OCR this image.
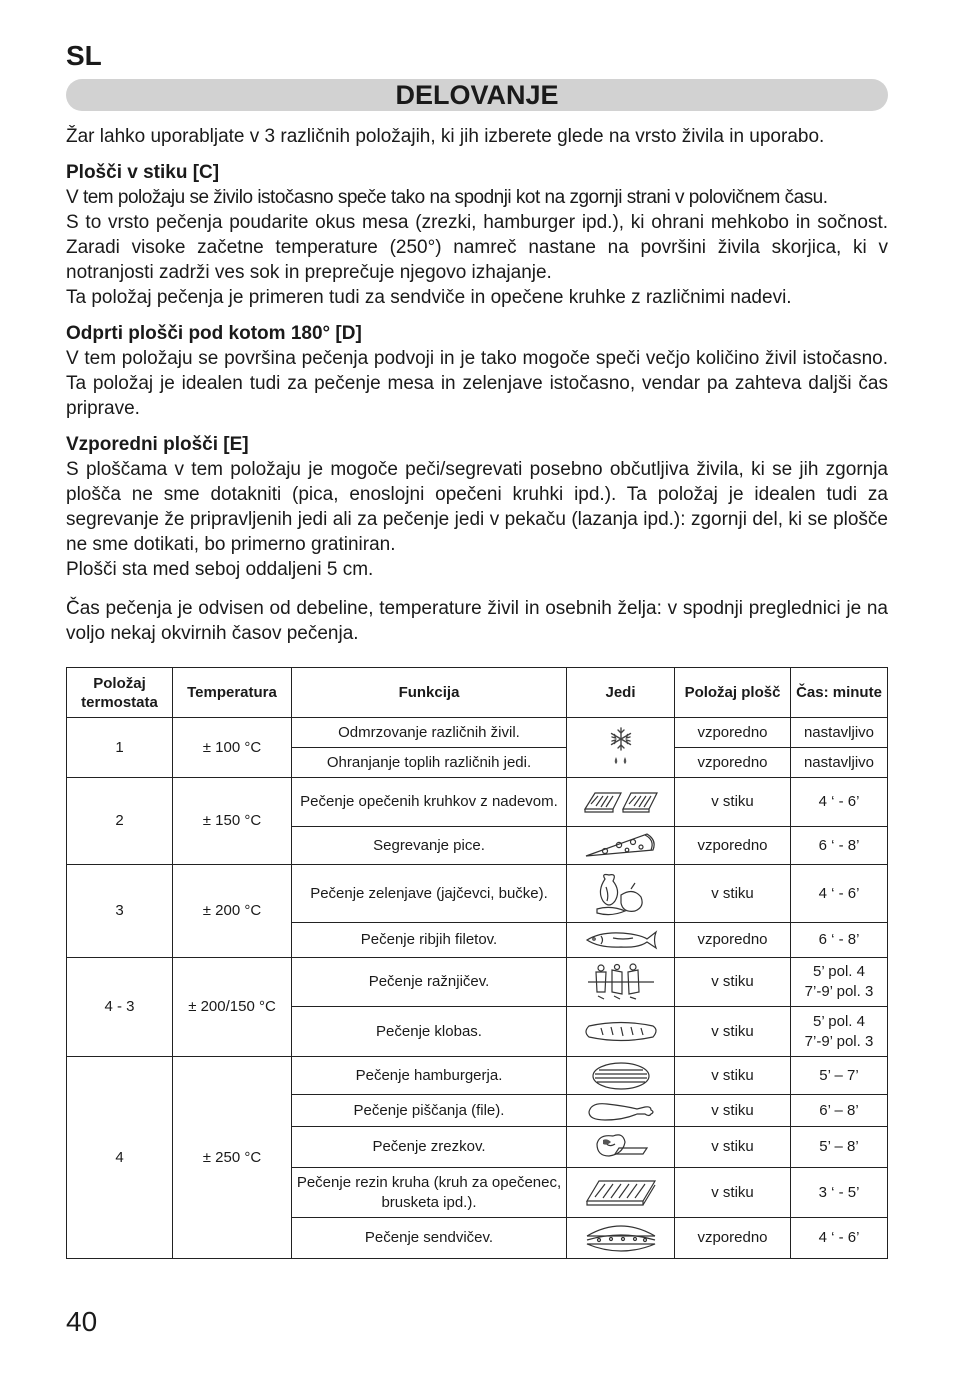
SL
DELOVANJE

Žar lahko uporabljate v 3 različnih položajih, ki jih izberete glede na vrsto živila in uporabo.

Plošči v stiku [C]

V tem položaju se živilo istočasno speče tako na spodnji kot na zgornji strani v polovičnem času.

S to vrsto pečenja poudarite okus mesa (zrezki, hamburger ipd.), ki ohrani mehkobo in sočnost. Zaradi visoke začetne temperature (250°) namreč nastane na površini živila skorjica, ki v notranjosti zadrži ves sok in preprečuje njegovo izhajanje.

Ta položaj pečenja je primeren tudi za sendviče in opečene kruhke z različnimi nadevi.

Odprti plošči pod kotom 180° [D]

V tem položaju se površina pečenja podvoji in je tako mogoče speči večjo količino živil istočasno. Ta položaj je idealen tudi za pečenje mesa in zelenjave istočasno, vendar pa zahteva daljši čas priprave.

Vzporedni plošči [E]

S ploščama v tem položaju je mogoče peči/segrevati posebno občutljiva živila, ki se jih zgornja plošča ne sme dotakniti (pica, enoslojni opečeni kruhki ipd.). Ta položaj je idealen tudi za segrevanje že pripravljenih jedi ali za pečenje jedi v pekaču (lazanja ipd.): zgornji del, ki se plošče ne sme dotikati, bo primerno gratiniran.

Plošči sta med seboj oddaljeni 5 cm.

Čas pečenja je odvisen od debeline, temperature živil in osebnih želja: v spodnji preglednici je na voljo nekaj okvirnih časov pečenja.

Položaj termostata	Temperatura	Funkcija	Jedi	Položaj plošč	Čas: minute
1	± 100 °C	Odmrzovanje različnih živil.		vzporedno	nastavljivo
		Ohranjanje toplih različnih jedi.		vzporedno	nastavljivo
2	± 150 °C	Pečenje opečenih kruhkov z nadevom.		v stiku	4 ‘ - 6’
		Segrevanje pice.		vzporedno	6 ‘ - 8’
3	± 200 °C	Pečenje zelenjave (jajčevci, bučke).		v stiku	4 ‘ - 6’
		Pečenje ribjih filetov.		vzporedno	6 ‘ - 8’
4 - 3	± 200/150 °C	Pečenje ražnjičev.		v stiku	5’ pol. 4
7’-9’ pol. 3

		Pečenje klobas.		v stiku	5’ pol. 4
7’-9’ pol. 3

4	± 250 °C	Pečenje hamburgerja.		v stiku	5’ – 7’
		Pečenje piščanja (file).		v stiku	6’ – 8’
		Pečenje zrezkov.		v stiku	5’ – 8’
		Pečenje rezin kruha (kruh za opečenec, brusketa ipd.).		v stiku	3 ‘ - 5’
		Pečenje sendvičev.		vzporedno	4 ‘ - 6’
40
